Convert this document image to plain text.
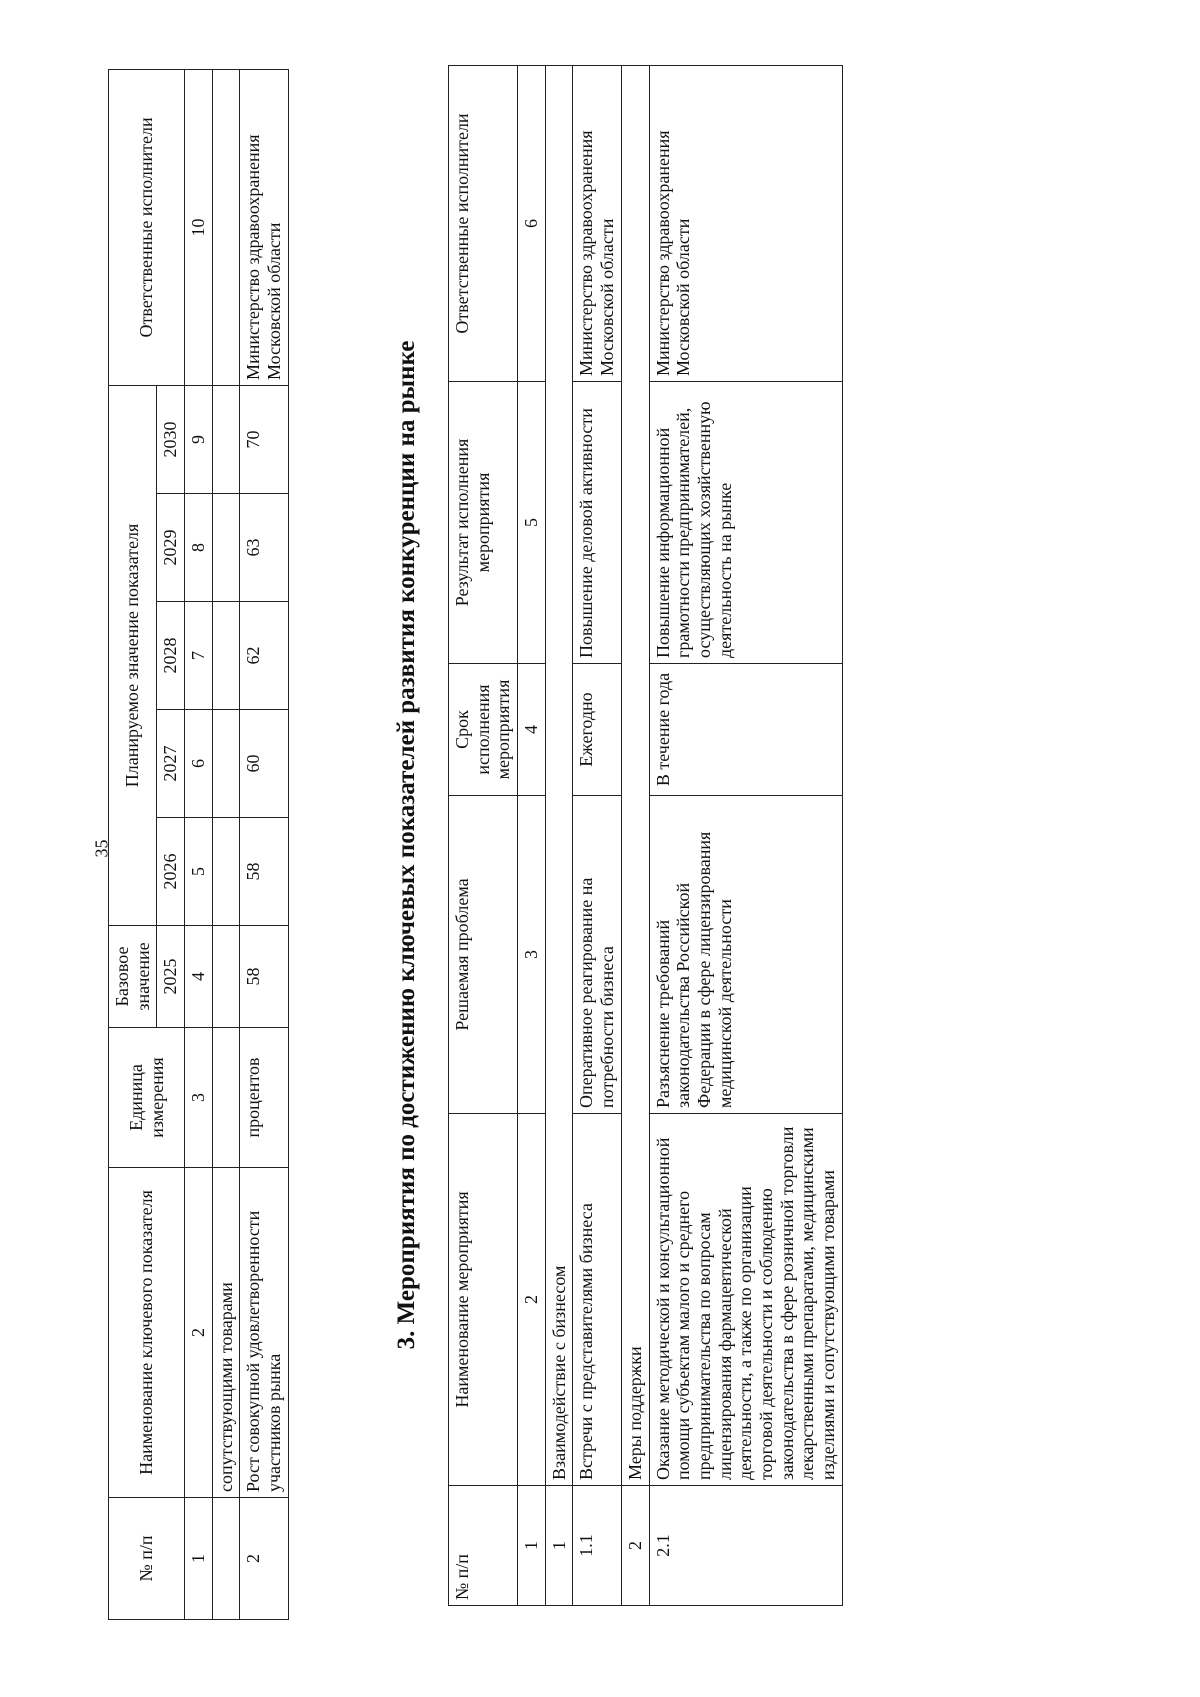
35
№ п/п	Наименование ключевого показателя	Единица измерения	Базовое значение	Планируемое значение показателя					Ответственные исполнители
			2025	2026	2027	2028	2029	2030	
1	2	3	4	5	6	7	8	9	10
	сопутствующими товарами								
2	Рост совокупной удовлетворенности участников рынка	процентов	58	58	60	62	63	70	Министерство здравоохранения Московской области
3. Мероприятия по достижению ключевых показателей развития конкуренции на рынке
№ п/п	Наименование мероприятия	Решаемая проблема	Срок исполнения мероприятия	Результат исполнения мероприятия	Ответственные исполнители
1	2	3	4	5	6
1	Взаимодействие с бизнесом				
1.1	Встречи с представителями бизнеса	Оперативное реагирование на потребности бизнеса	Ежегодно	Повышение деловой активности	Министерство здравоохранения Московской области
2	Меры поддержки				
2.1	Оказание методической и консультационной помощи субъектам малого и среднего предпринимательства по вопросам лицензирования фармацевтической деятельности, а также по организации торговой деятельности и соблюдению законодательства в сфере розничной торговли лекарственными препаратами, медицинскими изделиями и сопутствующими товарами	Разъяснение требований законодательства Российской Федерации в сфере лицензирования медицинской деятельности	В течение года	Повышение информационной грамотности предпринимателей, осуществляющих хозяйственную деятельность на рынке	Министерство здравоохранения Московской области
